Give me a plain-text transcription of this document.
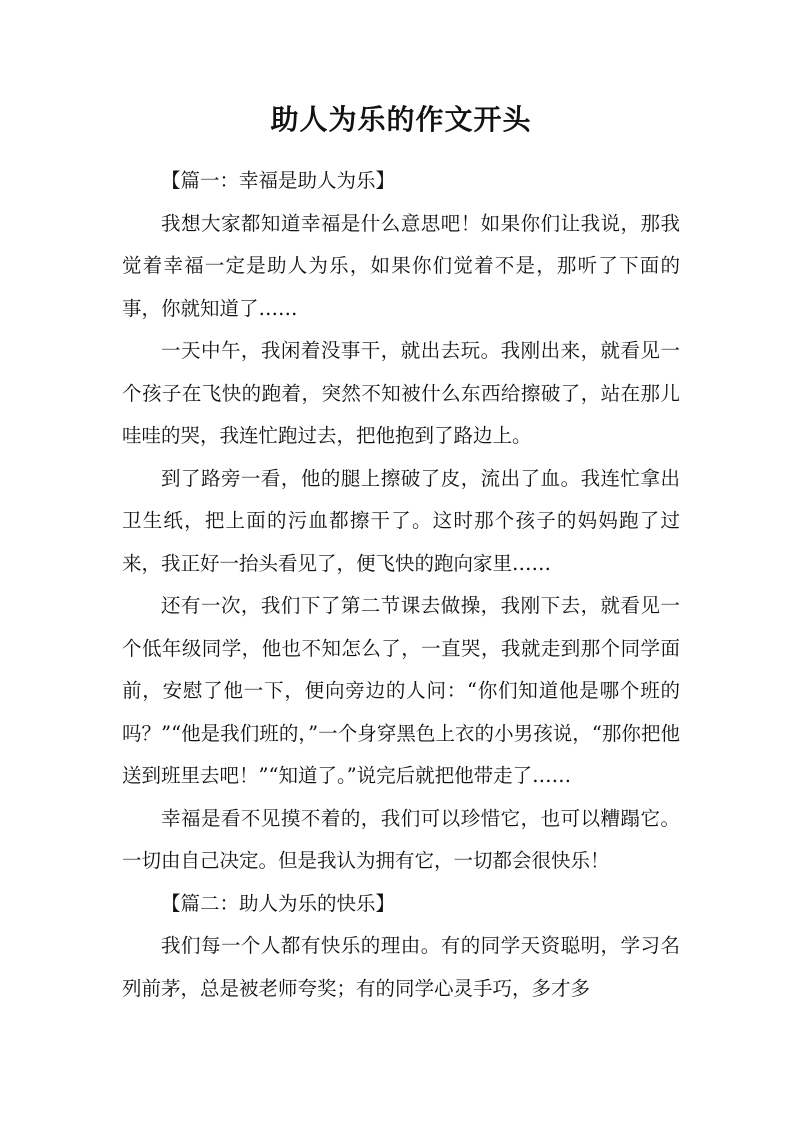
助人为乐的作文开头

【篇一：幸福是助人为乐】

我想大家都知道幸福是什么意思吧！如果你们让我说，那我觉着幸福一定是助人为乐，如果你们觉着不是，那听了下面的事，你就知道了……

一天中午，我闲着没事干，就出去玩。我刚出来，就看见一个孩子在飞快的跑着，突然不知被什么东西给擦破了，站在那儿哇哇的哭，我连忙跑过去，把他抱到了路边上。

到了路旁一看，他的腿上擦破了皮，流出了血。我连忙拿出卫生纸，把上面的污血都擦干了。这时那个孩子的妈妈跑了过来，我正好一抬头看见了，便飞快的跑向家里……

还有一次，我们下了第二节课去做操，我刚下去，就看见一个低年级同学，他也不知怎么了，一直哭，我就走到那个同学面前，安慰了他一下，便向旁边的人问：“你们知道他是哪个班的吗？”“他是我们班的，”一个身穿黑色上衣的小男孩说，“那你把他送到班里去吧！”“知道了。”说完后就把他带走了……

幸福是看不见摸不着的，我们可以珍惜它，也可以糟蹋它。一切由自己决定。但是我认为拥有它，一切都会很快乐！

【篇二：助人为乐的快乐】

我们每一个人都有快乐的理由。有的同学天资聪明，学习名列前茅，总是被老师夸奖；有的同学心灵手巧，多才多
